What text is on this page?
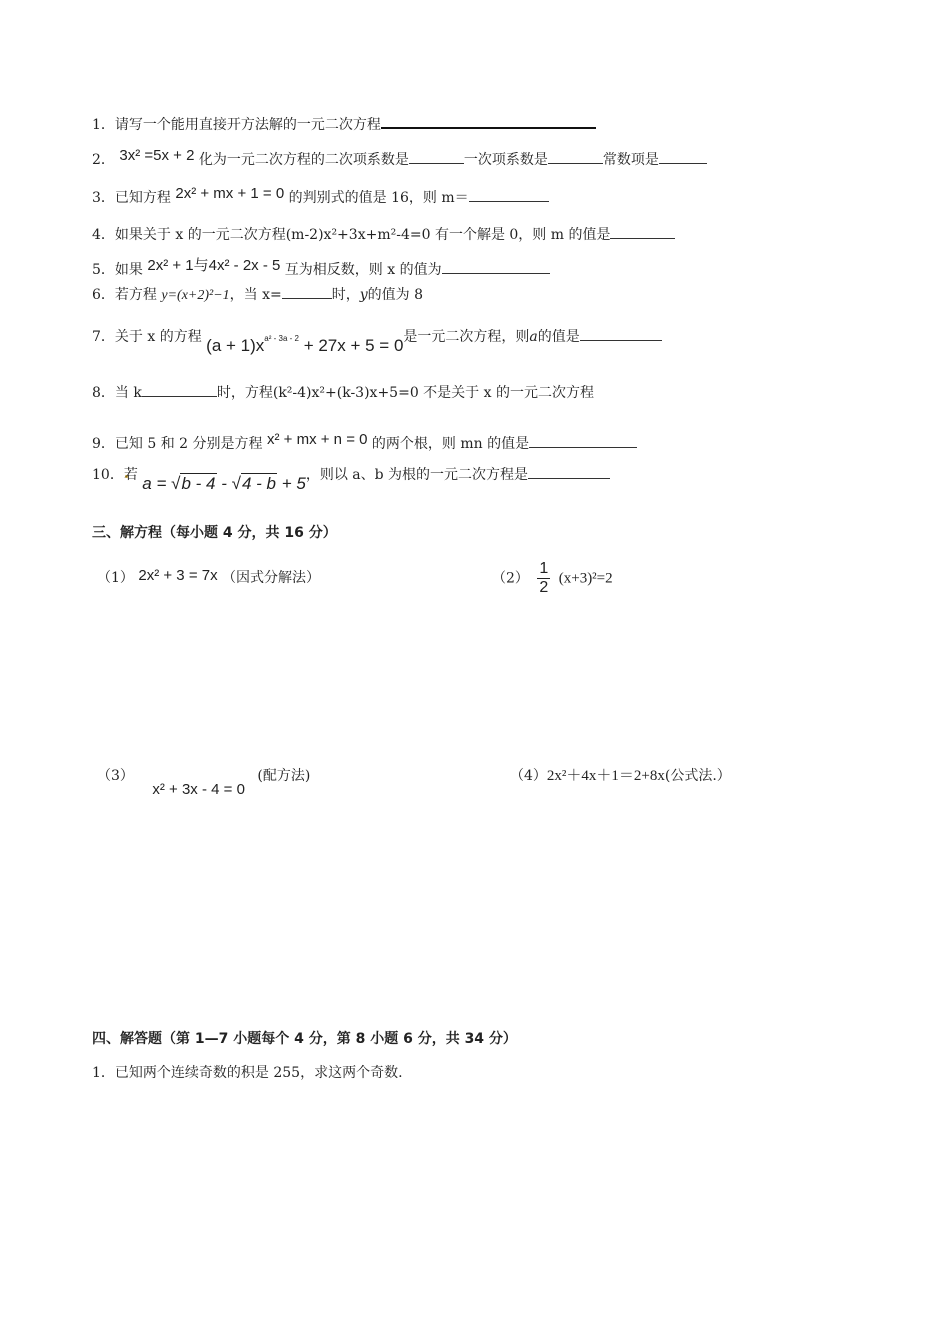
1．请写一个能用直接开方法解的一元二次方程
2． 3x² =5x + 2 化为一元二次方程的二次项系数是	一次项系数是	常数项是
3．已知方程 2x² + mx + 1 = 0 的判别式的值是 16，则 m＝
4．如果关于 x 的一元二次方程(m-2)x²+3x+m²-4=0 有一个解是 0，则 m 的值是
5．如果 2x² + 1与4x² - 2x - 5 互为相反数，则 x 的值为
6．若方程 y=(x+2)²−1，当 x=	时，y的值为 8
7．关于 x 的方程 $(a + 1)x^{a^2 - 3a - 2} + 27x + 5 = 0$是一元二次方程，则a的值是
8．当 k	时，方程(k²-4)x²+(k-3)x+5=0 不是关于 x 的一元二次方程
9．已知 5 和 2 分别是方程 x² + mx + n = 0 的两个根，则 mn 的值是
10．若 a = √b - 4 - √4 - b + 5，则以 a、b 为根的一元二次方程是
三、解方程（每小题 4 分，共 16 分）
（1） 2x² + 3 = 7x （因式分解法）	$(2) \frac{1}{2} (x+3)^2=2$
（3） x² + 3x - 4 = 0 (配方法)	（4）2x²＋4x＋1＝2+8x(公式法.）
四、解答题（第 1—7 小题每个 4 分，第 8 小题 6 分，共 34 分）
1．已知两个连续奇数的积是 255，求这两个奇数.
